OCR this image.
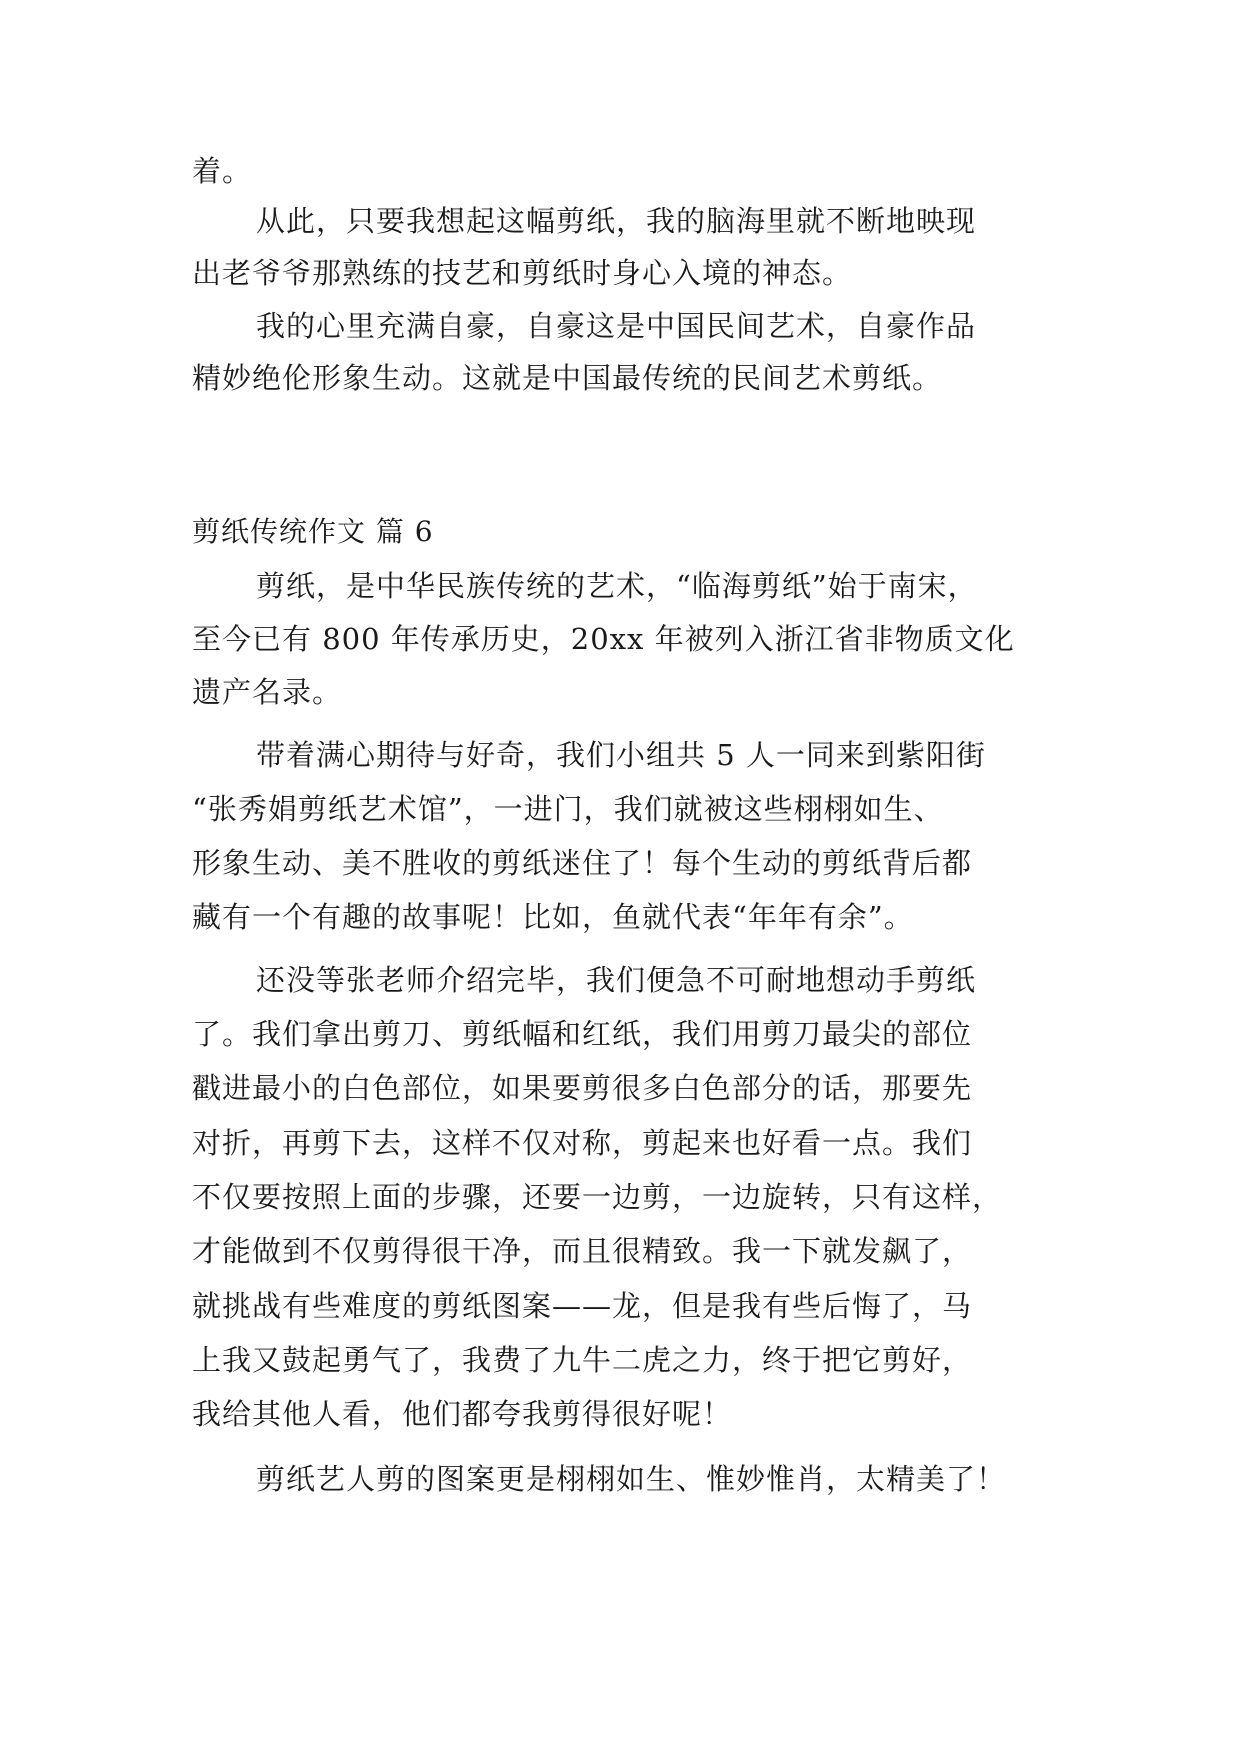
着。
从此，只要我想起这幅剪纸，我的脑海里就不断地映现
出老爷爷那熟练的技艺和剪纸时身心入境的神态。
我的心里充满自豪，自豪这是中国民间艺术，自豪作品
精妙绝伦形象生动。这就是中国最传统的民间艺术剪纸。
剪纸传统作文 篇 6
剪纸，是中华民族传统的艺术，“临海剪纸”始于南宋，
至今已有 800 年传承历史，20xx 年被列入浙江省非物质文化
遗产名录。
带着满心期待与好奇，我们小组共 5 人一同来到紫阳街
“张秀娟剪纸艺术馆”，一进门，我们就被这些栩栩如生、
形象生动、美不胜收的剪纸迷住了！每个生动的剪纸背后都
藏有一个有趣的故事呢！比如，鱼就代表“年年有余”。
还没等张老师介绍完毕，我们便急不可耐地想动手剪纸
了。我们拿出剪刀、剪纸幅和红纸，我们用剪刀最尖的部位
戳进最小的白色部位，如果要剪很多白色部分的话，那要先
对折，再剪下去，这样不仅对称，剪起来也好看一点。我们
不仅要按照上面的步骤，还要一边剪，一边旋转，只有这样，
才能做到不仅剪得很干净，而且很精致。我一下就发飙了，
就挑战有些难度的剪纸图案——龙，但是我有些后悔了，马
上我又鼓起勇气了，我费了九牛二虎之力，终于把它剪好，
我给其他人看，他们都夸我剪得很好呢！
剪纸艺人剪的图案更是栩栩如生、惟妙惟肖，太精美了！
